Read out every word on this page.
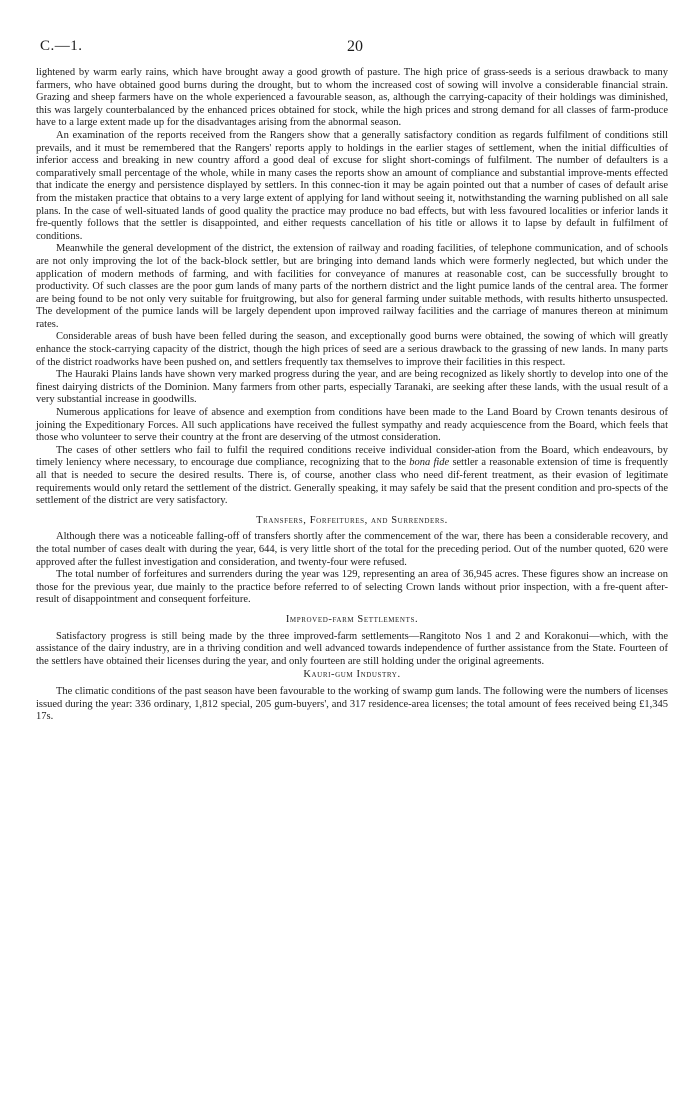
C.—1.	20

lightened by warm early rains, which have brought away a good growth of pasture. The high price of grass-seeds is a serious drawback to many farmers, who have obtained good burns during the drought, but to whom the increased cost of sowing will involve a considerable financial strain. Grazing and sheep farmers have on the whole experienced a favourable season, as, although the carrying-capacity of their holdings was diminished, this was largely counterbalanced by the enhanced prices obtained for stock, while the high prices and strong demand for all classes of farm-produce have to a large extent made up for the disadvantages arising from the abnormal season.

An examination of the reports received from the Rangers show that a generally satisfactory condition as regards fulfilment of conditions still prevails, and it must be remembered that the Rangers' reports apply to holdings in the earlier stages of settlement, when the initial difficulties of inferior access and breaking in new country afford a good deal of excuse for slight short-comings of fulfilment. The number of defaulters is a comparatively small percentage of the whole, while in many cases the reports show an amount of compliance and substantial improve-ments effected that indicate the energy and persistence displayed by settlers. In this connec-tion it may be again pointed out that a number of cases of default arise from the mistaken practice that obtains to a very large extent of applying for land without seeing it, notwithstanding the warning published on all sale plans. In the case of well-situated lands of good quality the practice may produce no bad effects, but with less favoured localities or inferior lands it fre-quently follows that the settler is disappointed, and either requests cancellation of his title or allows it to lapse by default in fulfilment of conditions.

Meanwhile the general development of the district, the extension of railway and roading facilities, of telephone communication, and of schools are not only improving the lot of the back-block settler, but are bringing into demand lands which were formerly neglected, but which under the application of modern methods of farming, and with facilities for conveyance of manures at reasonable cost, can be successfully brought to productivity. Of such classes are the poor gum lands of many parts of the northern district and the light pumice lands of the central area. The former are being found to be not only very suitable for fruitgrowing, but also for general farming under suitable methods, with results hitherto unsuspected. The development of the pumice lands will be largely dependent upon improved railway facilities and the carriage of manures thereon at minimum rates.

Considerable areas of bush have been felled during the season, and exceptionally good burns were obtained, the sowing of which will greatly enhance the stock-carrying capacity of the district, though the high prices of seed are a serious drawback to the grassing of new lands. In many parts of the district roadworks have been pushed on, and settlers frequently tax themselves to improve their facilities in this respect.

The Hauraki Plains lands have shown very marked progress during the year, and are being recognized as likely shortly to develop into one of the finest dairying districts of the Dominion. Many farmers from other parts, especially Taranaki, are seeking after these lands, with the usual result of a very substantial increase in goodwills.

Numerous applications for leave of absence and exemption from conditions have been made to the Land Board by Crown tenants desirous of joining the Expeditionary Forces. All such applications have received the fullest sympathy and ready acquiescence from the Board, which feels that those who volunteer to serve their country at the front are deserving of the utmost consideration.

The cases of other settlers who fail to fulfil the required conditions receive individual consider-ation from the Board, which endeavours, by timely leniency where necessary, to encourage due compliance, recognizing that to the bona fide settler a reasonable extension of time is frequently all that is needed to secure the desired results. There is, of course, another class who need dif-ferent treatment, as their evasion of legitimate requirements would only retard the settlement of the district. Generally speaking, it may safely be said that the present condition and pro-spects of the settlement of the district are very satisfactory.

Transfers, Forfeitures, and Surrenders.

Although there was a noticeable falling-off of transfers shortly after the commencement of the war, there has been a considerable recovery, and the total number of cases dealt with during the year, 644, is very little short of the total for the preceding period. Out of the number quoted, 620 were approved after the fullest investigation and consideration, and twenty-four were refused.

The total number of forfeitures and surrenders during the year was 129, representing an area of 36,945 acres. These figures show an increase on those for the previous year, due mainly to the practice before referred to of selecting Crown lands without prior inspection, with a fre-quent after-result of disappointment and consequent forfeiture.

Improved-farm Settlements.

Satisfactory progress is still being made by the three improved-farm settlements—Rangitoto Nos 1 and 2 and Korakonui—which, with the assistance of the dairy industry, are in a thriving condition and well advanced towards independence of further assistance from the State. Fourteen of the settlers have obtained their licenses during the year, and only fourteen are still holding under the original agreements.

Kauri-gum Industry.

The climatic conditions of the past season have been favourable to the working of swamp gum lands. The following were the numbers of licenses issued during the year: 336 ordinary, 1,812 special, 205 gum-buyers', and 317 residence-area licenses; the total amount of fees received being £1,345 17s.
